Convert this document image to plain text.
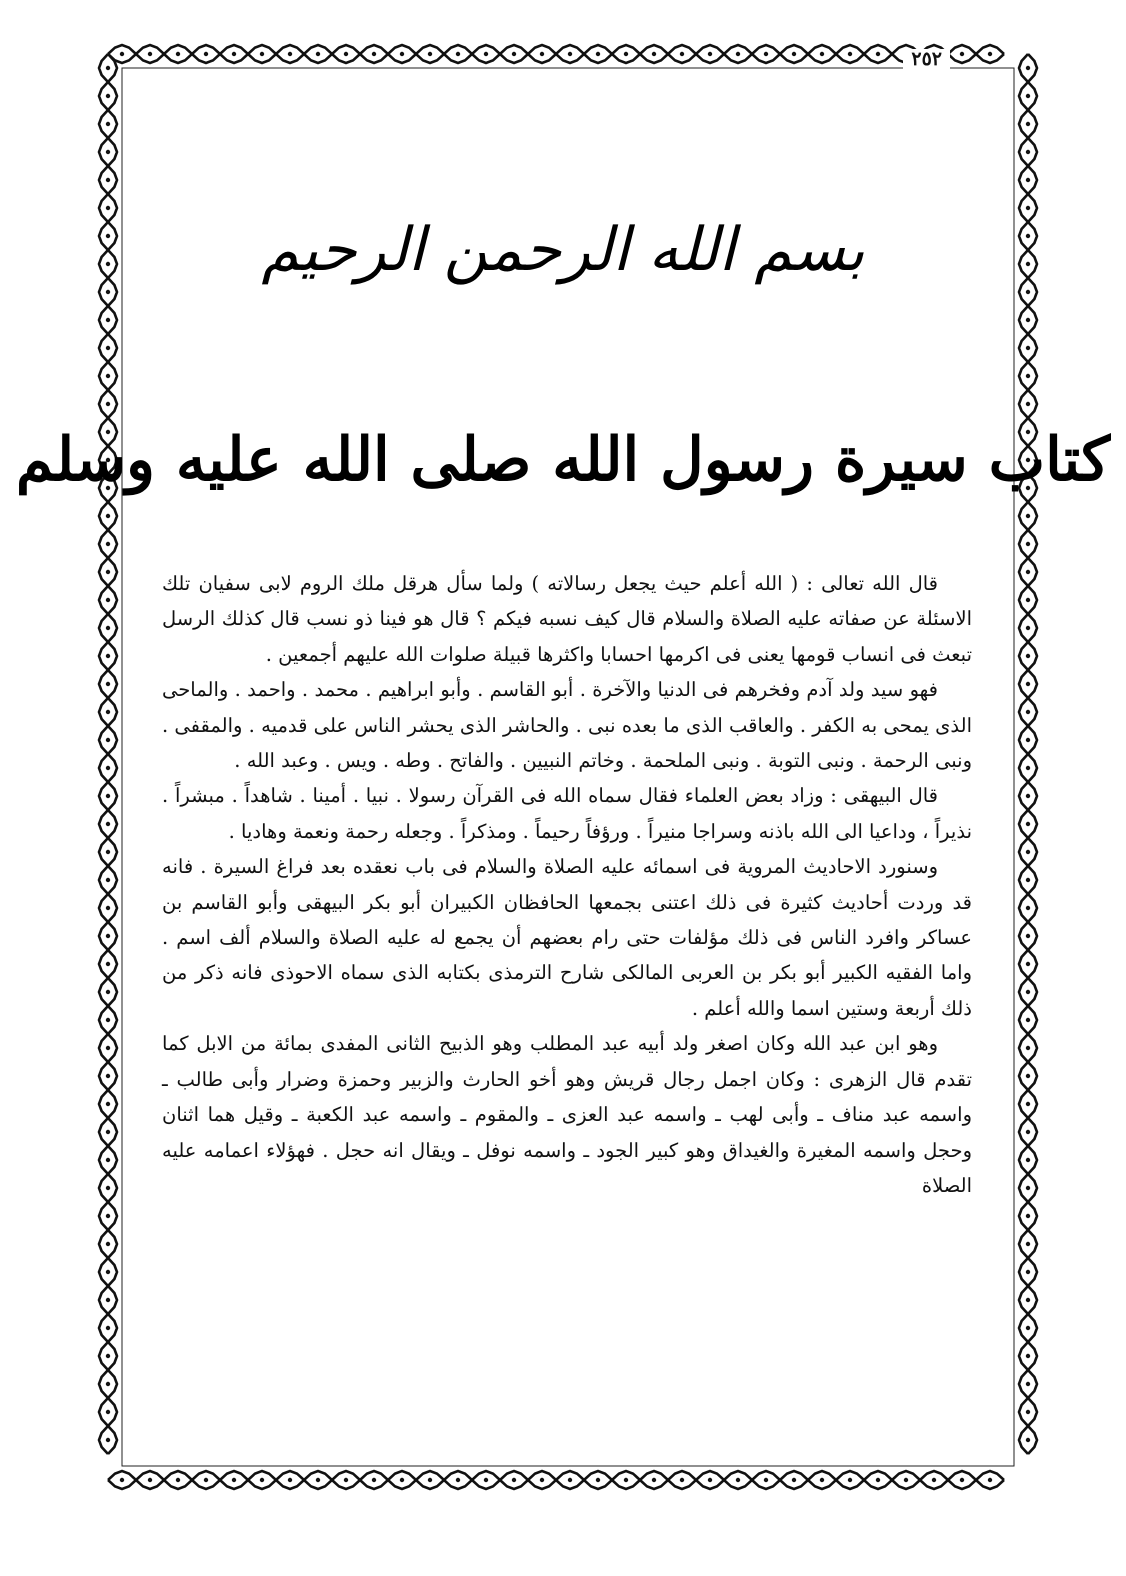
٢٥٢
بسم الله الرحمن الرحيم
كتاب سيرة رسول الله صلى الله عليه وسلم

قال الله تعالى : ( الله أعلم حيث يجعل رسالاته ) ولما سأل هرقل ملك الروم لابى سفيان تلك الاسئلة عن صفاته عليه الصلاة والسلام قال كيف نسبه فيكم ؟ قال هو فينا ذو نسب قال كذلك الرسل تبعث فى انساب قومها يعنى فى اكرمها احسابا واكثرها قبيلة صلوات الله عليهم أجمعين .

فهو سيد ولد آدم وفخرهم فى الدنيا والآخرة . أبو القاسم . وأبو ابراهيم . محمد . واحمد . والماحى الذى يمحى به الكفر . والعاقب الذى ما بعده نبى . والحاشر الذى يحشر الناس على قدميه . والمقفى . ونبى الرحمة . ونبى التوبة . ونبى الملحمة . وخاتم النبيين . والفاتح . وطه . ويس . وعبد الله .

قال البيهقى : وزاد بعض العلماء فقال سماه الله فى القرآن رسولا . نبيا . أمينا . شاهداً . مبشراً . نذيراً ، وداعيا الى الله باذنه وسراجا منيراً . ورؤفاً رحيماً . ومذكراً . وجعله رحمة ونعمة وهاديا .

وسنورد الاحاديث المروية فى اسمائه عليه الصلاة والسلام فى باب نعقده بعد فراغ السيرة . فانه قد وردت أحاديث كثيرة فى ذلك اعتنى بجمعها الحافظان الكبيران أبو بكر البيهقى وأبو القاسم بن عساكر وافرد الناس فى ذلك مؤلفات حتى رام بعضهم أن يجمع له عليه الصلاة والسلام ألف اسم . واما الفقيه الكبير أبو بكر بن العربى المالكى شارح الترمذى بكتابه الذى سماه الاحوذى فانه ذكر من ذلك أربعة وستين اسما والله أعلم .

وهو ابن عبد الله وكان اصغر ولد أبيه عبد المطلب وهو الذبيح الثانى المفدى بمائة من الابل كما تقدم قال الزهرى : وكان اجمل رجال قريش وهو أخو الحارث والزبير وحمزة وضرار وأبى طالب ـ واسمه عبد مناف ـ وأبى لهب ـ واسمه عبد العزى ـ والمقوم ـ واسمه عبد الكعبة ـ وقيل هما اثنان وحجل واسمه المغيرة والغيداق وهو كبير الجود ـ واسمه نوفل ـ ويقال انه حجل . فهؤلاء اعمامه عليه الصلاة
